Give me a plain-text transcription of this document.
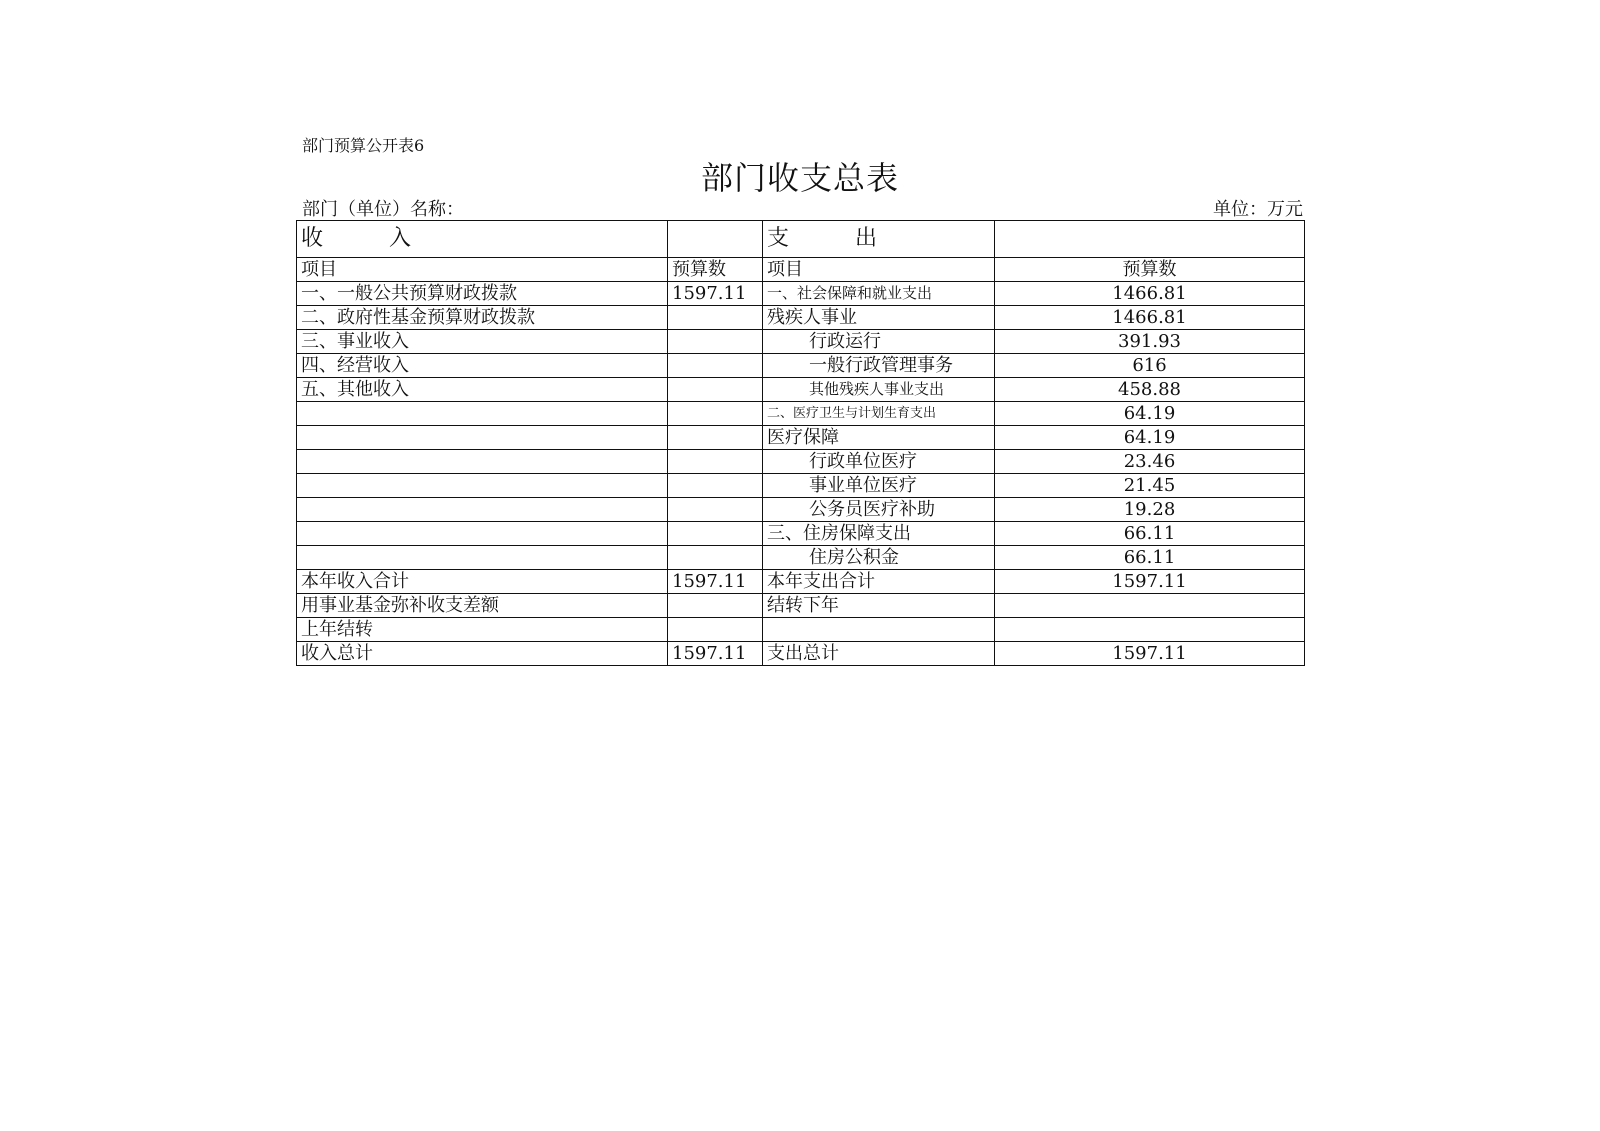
部门预算公开表6
部门收支总表
部门（单位）名称：	单位：万元
收　入		支　出	
项目	预算数	项目	预算数
一、一般公共预算财政拨款	1597.11	一、社会保障和就业支出	1466.81
二、政府性基金预算财政拨款		残疾人事业	1466.81
三、事业收入		行政运行	391.93
四、经营收入		一般行政管理事务	616
五、其他收入		其他残疾人事业支出	458.88
		二、医疗卫生与计划生育支出	64.19
		医疗保障	64.19
		行政单位医疗	23.46
		事业单位医疗	21.45
		公务员医疗补助	19.28
		三、住房保障支出	66.11
		住房公积金	66.11
本年收入合计	1597.11	本年支出合计	1597.11
用事业基金弥补收支差额		结转下年	
上年结转			
收入总计	1597.11	支出总计	1597.11
